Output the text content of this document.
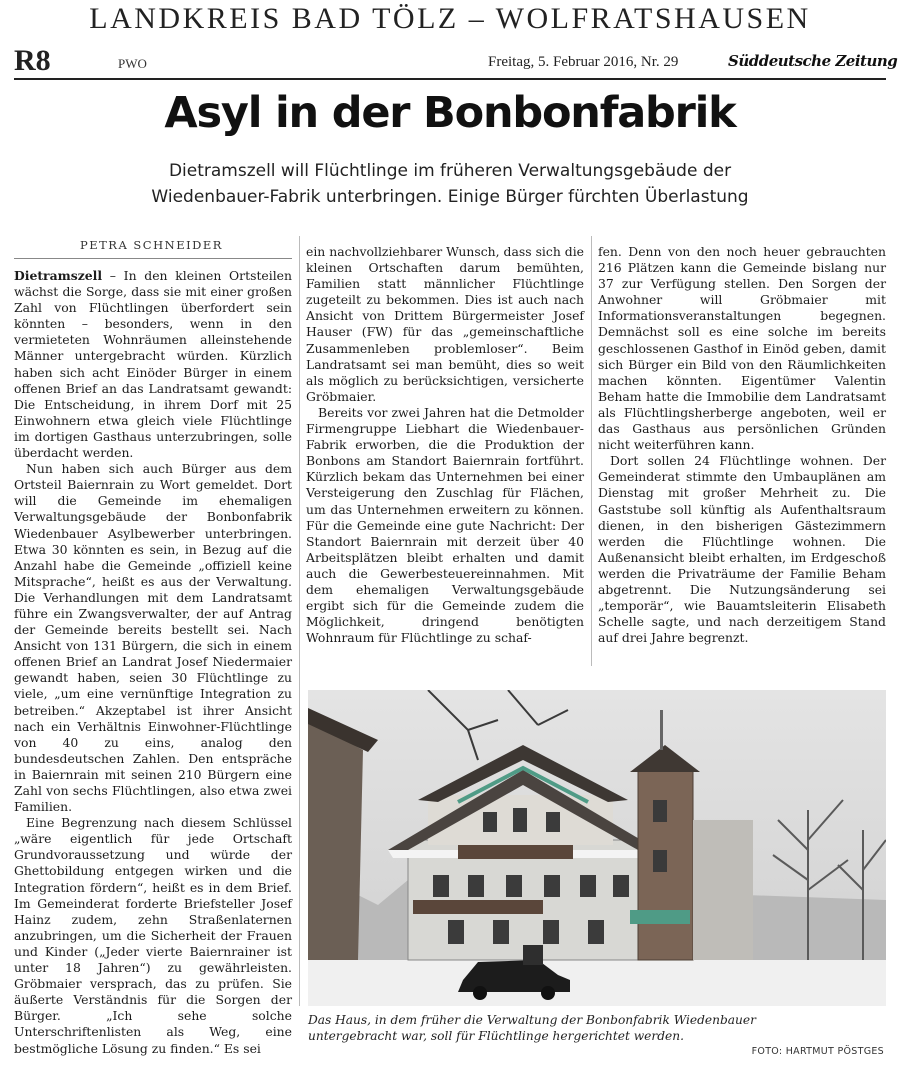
LANDKREIS BAD TÖLZ – WOLFRATSHAUSEN
R8	PWO	Freitag, 5. Februar 2016, Nr. 29	Süddeutsche Zeitung
Asyl in der Bonbonfabrik
Dietramszell will Flüchtlinge im früheren Verwaltungsgebäude der
Wiedenbauer-Fabrik unterbringen. Einige Bürger fürchten Überlastung
PETRA SCHNEIDER

Dietramszell – In den kleinen Ortsteilen wächst die Sorge, dass sie mit einer großen Zahl von Flüchtlingen überfordert sein könnten – besonders, wenn in den vermieteten Wohnräumen alleinstehende Männer untergebracht würden. Kürzlich haben sich acht Einöder Bürger in einem offenen Brief an das Landratsamt gewandt: Die Entscheidung, in ihrem Dorf mit 25 Einwohnern etwa gleich viele Flüchtlinge im dortigen Gasthaus unterzubringen, solle überdacht werden.

Nun haben sich auch Bürger aus dem Ortsteil Baiernrain zu Wort gemeldet. Dort will die Gemeinde im ehemaligen Verwaltungsgebäude der Bonbonfabrik Wiedenbauer Asylbewerber unterbringen. Etwa 30 könnten es sein, in Bezug auf die Anzahl habe die Gemeinde „offiziell keine Mitsprache“, heißt es aus der Verwaltung. Die Verhandlungen mit dem Landratsamt führe ein Zwangsverwalter, der auf Antrag der Gemeinde bereits bestellt sei. Nach Ansicht von 131 Bürgern, die sich in einem offenen Brief an Landrat Josef Niedermaier gewandt haben, seien 30 Flüchtlinge zu viele, „um eine vernünftige Integration zu betreiben.“ Akzeptabel ist ihrer Ansicht nach ein Verhältnis Einwohner-Flüchtlinge von 40 zu eins, analog den bundesdeutschen Zahlen. Den entspräche in Baiernrain mit seinen 210 Bürgern eine Zahl von sechs Flüchtlingen, also etwa zwei Familien.

Eine Begrenzung nach diesem Schlüssel „wäre eigentlich für jede Ortschaft Grundvoraussetzung und würde der Ghettobildung entgegen wirken und die Integration fördern“, heißt es in dem Brief. Im Gemeinderat forderte Briefsteller Josef Hainz zudem, zehn Straßenlaternen anzubringen, um die Sicherheit der Frauen und Kinder („Jeder vierte Baiernrainer ist unter 18 Jahren“) zu gewährleisten. Gröbmaier versprach, das zu prüfen. Sie äußerte Verständnis für die Sorgen der Bürger. „Ich sehe solche Unterschriftenlisten als Weg, eine bestmögliche Lösung zu finden.“ Es sei

ein nachvollziehbarer Wunsch, dass sich die kleinen Ortschaften darum bemühten, Familien statt männlicher Flüchtlinge zugeteilt zu bekommen. Dies ist auch nach Ansicht von Drittem Bürgermeister Josef Hauser (FW) für das „gemeinschaftliche Zusammenleben problemloser“. Beim Landratsamt sei man bemüht, dies so weit als möglich zu berücksichtigen, versicherte Gröbmaier.

Bereits vor zwei Jahren hat die Detmolder Firmengruppe Liebhart die Wiedenbauer-Fabrik erworben, die die Produktion der Bonbons am Standort Baiernrain fortführt. Kürzlich bekam das Unternehmen bei einer Versteigerung den Zuschlag für Flächen, um das Unternehmen erweitern zu können. Für die Gemeinde eine gute Nachricht: Der Standort Baiernrain mit derzeit über 40 Arbeitsplätzen bleibt erhalten und damit auch die Gewerbesteuereinnahmen. Mit dem ehemaligen Verwaltungsgebäude ergibt sich für die Gemeinde zudem die Möglichkeit, dringend benötigten Wohnraum für Flüchtlinge zu schaf-

fen. Denn von den noch heuer gebrauchten 216 Plätzen kann die Gemeinde bislang nur 37 zur Verfügung stellen. Den Sorgen der Anwohner will Gröbmaier mit Informationsveranstaltungen begegnen. Demnächst soll es eine solche im bereits geschlossenen Gasthof in Einöd geben, damit sich Bürger ein Bild von den Räumlichkeiten machen könnten. Eigentümer Valentin Beham hatte die Immobilie dem Landratsamt als Flüchtlingsherberge angeboten, weil er das Gasthaus aus persönlichen Gründen nicht weiterführen kann.

Dort sollen 24 Flüchtlinge wohnen. Der Gemeinderat stimmte den Umbauplänen am Dienstag mit großer Mehrheit zu. Die Gaststube soll künftig als Aufenthaltsraum dienen, in den bisherigen Gästezimmern werden die Flüchtlinge wohnen. Die Außenansicht bleibt erhalten, im Erdgeschoß werden die Privaträume der Familie Beham abgetrennt. Die Nutzungsänderung sei „temporär“, wie Bauamtsleiterin Elisabeth Schelle sagte, und nach derzeitigem Stand auf drei Jahre begrenzt.

Das Haus, in dem früher die Verwaltung der Bonbonfabrik Wiedenbauer untergebracht war, soll für Flüchtlinge hergerichtet werden.
FOTO: HARTMUT PÖSTGES
